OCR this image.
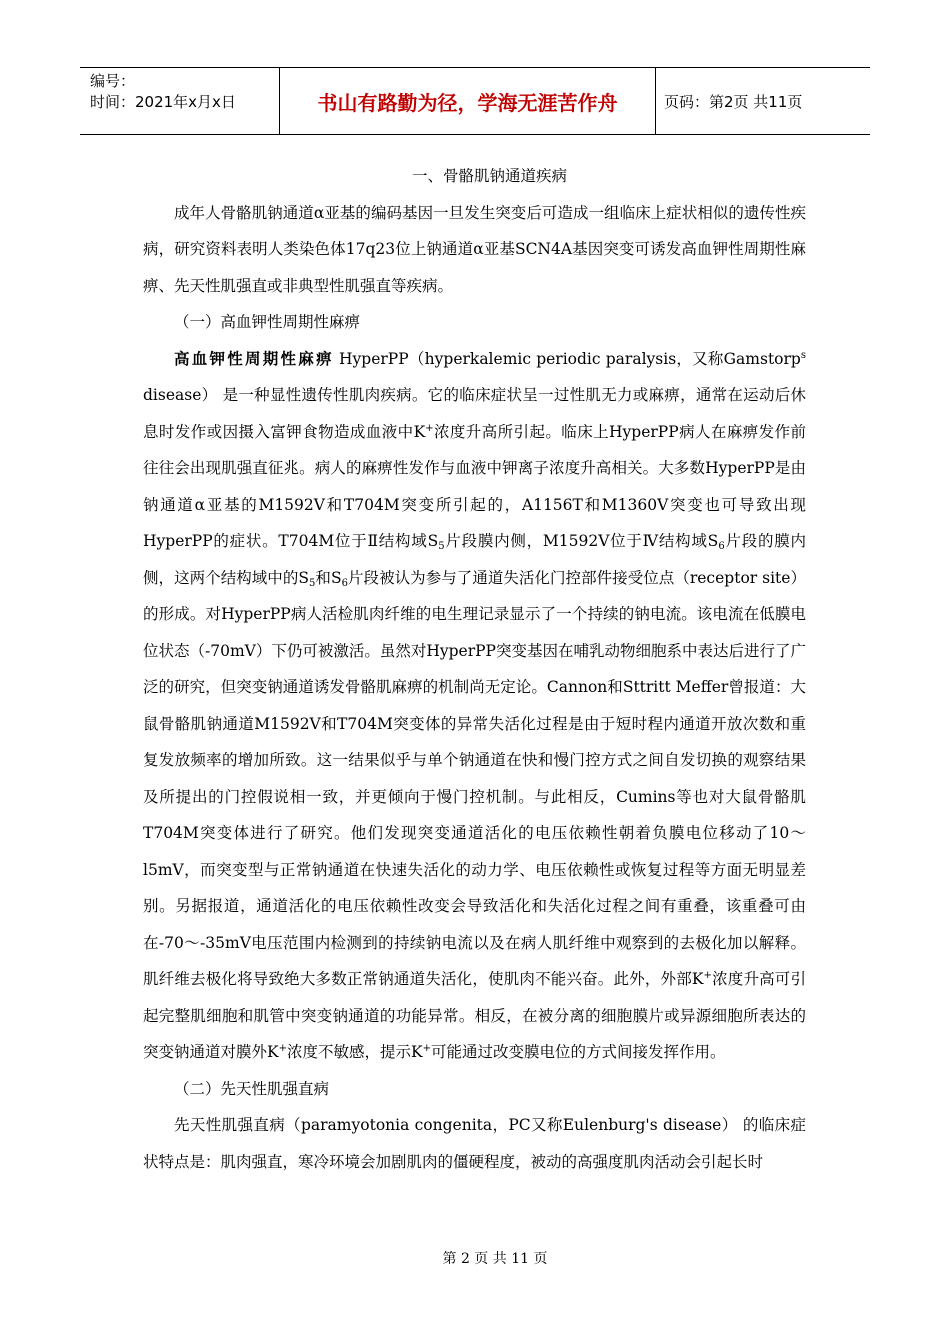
编号：
时间：2021年x月x日	书山有路勤为径，学海无涯苦作舟	页码：第2页 共11页

一、骨骼肌钠通道疾病

成年人骨骼肌钠通道α亚基的编码基因一旦发生突变后可造成一组临床上症状相似的遗传性疾病，研究资料表明人类染色体17q23位上钠通道α亚基SCN4A基因突变可诱发高血钾性周期性麻痹、先天性肌强直或非典型性肌强直等疾病。

（一）高血钾性周期性麻痹

高血钾性周期性麻痹 HyperPP（hyperkalemic periodic paralysis，又称Gamstorp$^s$ disease） 是一种显性遗传性肌肉疾病。它的临床症状呈一过性肌无力或麻痹，通常在运动后休息时发作或因摄入富钾食物造成血液中K+浓度升高所引起。临床上HyperPP病人在麻痹发作前往往会出现肌强直征兆。病人的麻痹性发作与血液中钾离子浓度升高相关。大多数HyperPP是由钠通道α亚基的M1592V和T704M突变所引起的，A1156T和M1360V突变也可导致出现HyperPP的症状。T704M位于Ⅱ结构域$S_5$片段膜内侧，M1592V位于Ⅳ结构域$S_6$片段的膜内侧，这两个结构域中的$S_5$和$S_6$片段被认为参与了通道失活化门控部件接受位点（receptor site）的形成。对HyperPP病人活检肌肉纤维的电生理记录显示了一个持续的钠电流。该电流在低膜电位状态（-70mV）下仍可被激活。虽然对HyperPP突变基因在哺乳动物细胞系中表达后进行了广泛的研究，但突变钠通道诱发骨骼肌麻痹的机制尚无定论。Cannon和Sttritt Meffer曾报道：大鼠骨骼肌钠通道M1592V和T704M突变体的异常失活化过程是由于短时程内通道开放次数和重复发放频率的增加所致。这一结果似乎与单个钠通道在快和慢门控方式之间自发切换的观察结果及所提出的门控假说相一致，并更倾向于慢门控机制。与此相反，Cumins等也对大鼠骨骼肌T704M突变体进行了研究。他们发现突变通道活化的电压依赖性朝着负膜电位移动了10～l5mV，而突变型与正常钠通道在快速失活化的动力学、电压依赖性或恢复过程等方面无明显差别。另据报道，通道活化的电压依赖性改变会导致活化和失活化过程之间有重叠，该重叠可由在-70～-35mV电压范围内检测到的持续钠电流以及在病人肌纤维中观察到的去极化加以解释。肌纤维去极化将导致绝大多数正常钠通道失活化，使肌肉不能兴奋。此外，外部K+浓度升高可引起完整肌细胞和肌管中突变钠通道的功能异常。相反，在被分离的细胞膜片或异源细胞所表达的突变钠通道对膜外K+浓度不敏感，提示K+可能通过改变膜电位的方式间接发挥作用。

（二）先天性肌强直病

先天性肌强直病（paramyotonia congenita，PC又称Eulenburg's disease） 的临床症状特点是：肌肉强直，寒冷环境会加剧肌肉的僵硬程度，被动的高强度肌肉活动会引起长时

第 2 页 共 11 页
